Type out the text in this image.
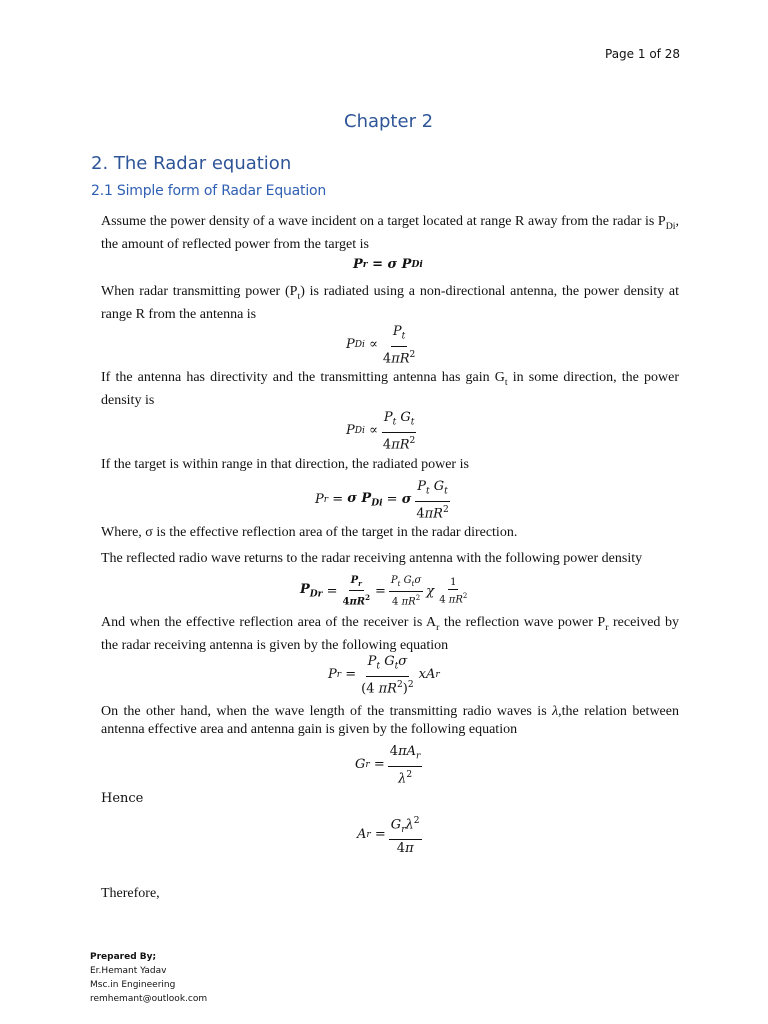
Page 1 of 28
Chapter 2
2. The Radar equation
2.1 Simple form of Radar Equation
Assume the power density of a wave incident on a target located at range R away from the radar is $P_{Di}$, the amount of reflected power from the target is
P r
= σ P Di
When radar transmitting power $(P_t)$ is radiated using a non-directional antenna, the power density at range R from the antenna is
P Di
∝ $\frac{P_t}{4\pi R^2}$
If the antenna has directivity and the transmitting antenna has gain $G_t$ in some direction, the power density is
P Di
∝ $\frac{P_t G_t}{4\pi R^2}$
If the target is within range in that direction, the radiated power is
P r
=
σ $P_{Di}$
=
σ $\frac{P_t G_t}{4\pi R^2}$
Where, σ is the effective reflection area of the target in the radar direction.
The reflected radio wave returns to the radar receiving antenna with the following power density
$P_{Dr}$
= $\frac{P_r}{4\pi R^2} = \frac{P_t G_t\sigma}{4 \pi R^2}$ χ $\frac{1}{4 \pi R^2}$
And when the effective reflection area of the receiver is $A_r$ the reflection wave power $P_r$ received by the radar receiving antenna is given by the following equation
P r
= $\frac{P_t G_t\sigma}{(4 \pi R^2)^2}$ xA r
On the other hand, when the wave length of the transmitting radio waves is λ,the relation between antenna effective area and antenna gain is given by the following equation
G r
= $\frac{4\pi A_r}{\lambda^2}$
Hence
A r
= $\frac{G_r\lambda^2}{4\pi}$
Therefore,
Prepared By;
Er.Hemant Yadav
Msc.in Engineering
remhemant@outlook.com
